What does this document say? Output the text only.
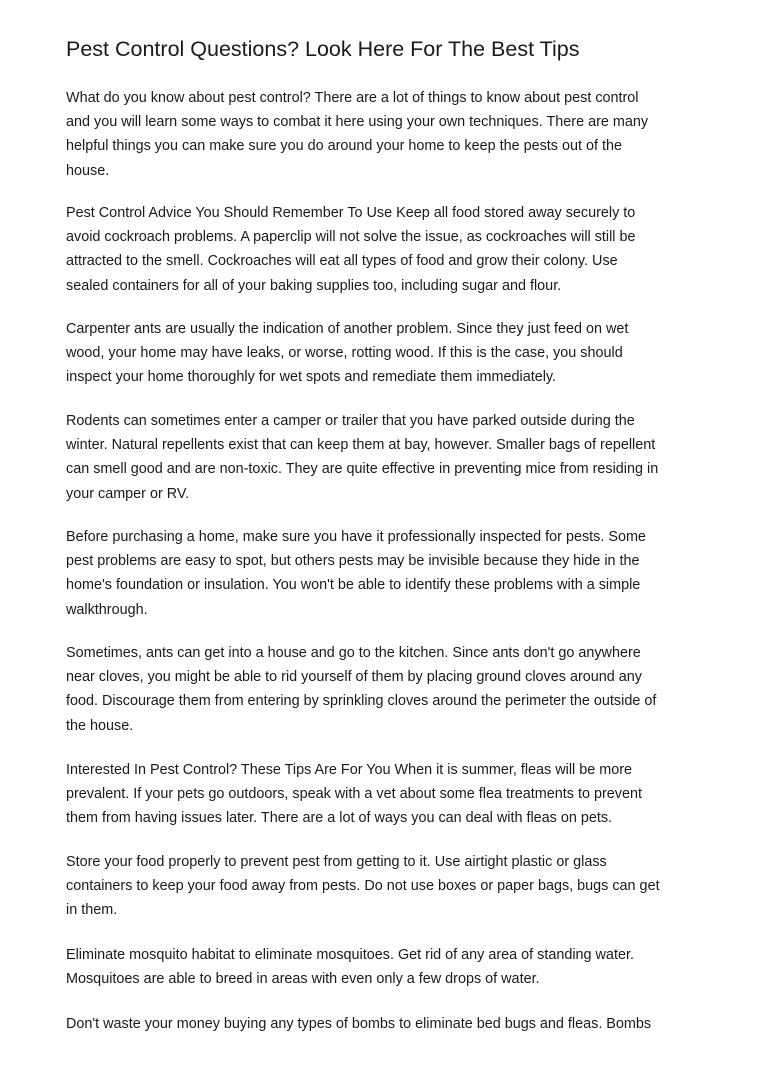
Pest Control Questions? Look Here For The Best Tips

What do you know about pest control? There are a lot of things to know about pest control
and you will learn some ways to combat it here using your own techniques. There are many
helpful things you can make sure you do around your home to keep the pests out of the
house.

Pest Control Advice You Should Remember To Use Keep all food stored away securely to
avoid cockroach problems. A paperclip will not solve the issue, as cockroaches will still be
attracted to the smell. Cockroaches will eat all types of food and grow their colony. Use
sealed containers for all of your baking supplies too, including sugar and flour.

Carpenter ants are usually the indication of another problem. Since they just feed on wet
wood, your home may have leaks, or worse, rotting wood. If this is the case, you should
inspect your home thoroughly for wet spots and remediate them immediately.

Rodents can sometimes enter a camper or trailer that you have parked outside during the
winter. Natural repellents exist that can keep them at bay, however. Smaller bags of repellent
can smell good and are non-toxic. They are quite effective in preventing mice from residing in
your camper or RV.

Before purchasing a home, make sure you have it professionally inspected for pests. Some
pest problems are easy to spot, but others pests may be invisible because they hide in the
home's foundation or insulation. You won't be able to identify these problems with a simple
walkthrough.

Sometimes, ants can get into a house and go to the kitchen. Since ants don't go anywhere
near cloves, you might be able to rid yourself of them by placing ground cloves around any
food. Discourage them from entering by sprinkling cloves around the perimeter the outside of
the house.

Interested In Pest Control? These Tips Are For You When it is summer, fleas will be more
prevalent. If your pets go outdoors, speak with a vet about some flea treatments to prevent
them from having issues later. There are a lot of ways you can deal with fleas on pets.

Store your food properly to prevent pest from getting to it. Use airtight plastic or glass
containers to keep your food away from pests. Do not use boxes or paper bags, bugs can get
in them.

Eliminate mosquito habitat to eliminate mosquitoes. Get rid of any area of standing water.
Mosquitoes are able to breed in areas with even only a few drops of water.

Don't waste your money buying any types of bombs to eliminate bed bugs and fleas. Bombs
